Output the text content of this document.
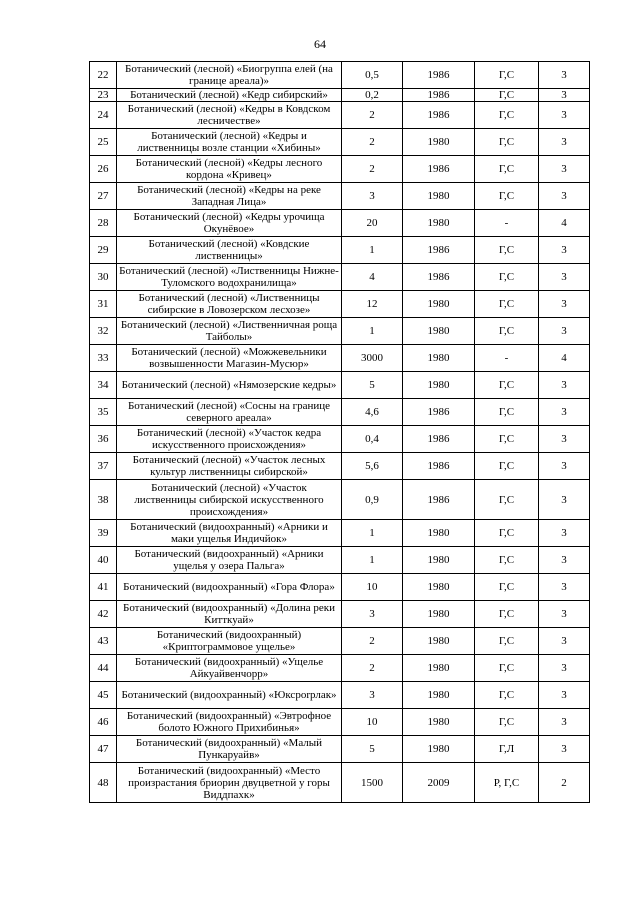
64
22	Ботанический (лесной) «Биогруппа елей (на границе ареала)»	0,5	1986	Г,С	3
23	Ботанический (лесной) «Кедр сибирский»	0,2	1986	Г,С	3
24	Ботанический (лесной) «Кедры в Ковдском лесничестве»	2	1986	Г,С	3
25	Ботанический (лесной) «Кедры и лиственницы возле станции «Хибины»	2	1980	Г,С	3
26	Ботанический (лесной) «Кедры лесного кордона «Кривец»	2	1986	Г,С	3
27	Ботанический (лесной) «Кедры на реке Западная Лица»	3	1980	Г,С	3
28	Ботанический (лесной) «Кедры урочища Окунёвое»	20	1980	-	4
29	Ботанический (лесной) «Ковдские лиственницы»	1	1986	Г,С	3
30	Ботанический (лесной) «Лиственницы Нижне-Туломского водохранилища»	4	1986	Г,С	3
31	Ботанический (лесной) «Лиственницы сибирские в Ловозерском лесхозе»	12	1980	Г,С	3
32	Ботанический (лесной) «Лиственничная роща Тайболы»	1	1980	Г,С	3
33	Ботанический (лесной) «Можжевельники возвышенности Магазин-Мусюр»	3000	1980	-	4
34	Ботанический (лесной) «Нямозерские кедры»	5	1980	Г,С	3
35	Ботанический (лесной) «Сосны на границе северного ареала»	4,6	1986	Г,С	3
36	Ботанический (лесной) «Участок кедра искусственного происхождения»	0,4	1986	Г,С	3
37	Ботанический (лесной) «Участок лесных культур лиственницы сибирской»	5,6	1986	Г,С	3
38	Ботанический (лесной) «Участок лиственницы сибирской искусственного происхождения»	0,9	1986	Г,С	3
39	Ботанический (видоохранный) «Арники и маки ущелья Индичйок»	1	1980	Г,С	3
40	Ботанический (видоохранный) «Арники ущелья у озера Пальга»	1	1980	Г,С	3
41	Ботанический (видоохранный) «Гора Флора»	10	1980	Г,С	3
42	Ботанический (видоохранный) «Долина реки Китткуай»	3	1980	Г,С	3
43	Ботанический (видоохранный) «Криптограммовое ущелье»	2	1980	Г,С	3
44	Ботанический (видоохранный) «Ущелье Айкуайвенчорр»	2	1980	Г,С	3
45	Ботанический (видоохранный) «Юксporрлак»	3	1980	Г,С	3
46	Ботанический (видоохранный) «Эвтрофное болото Южного Прихибинья»	10	1980	Г,С	3
47	Ботанический (видоохранный) «Малый Пункаруайв»	5	1980	Г,Л	3
48	Ботанический (видоохранный) «Место произрастания бриорин двуцветной у горы Виддпахк»	1500	2009	Р, Г,С	2
